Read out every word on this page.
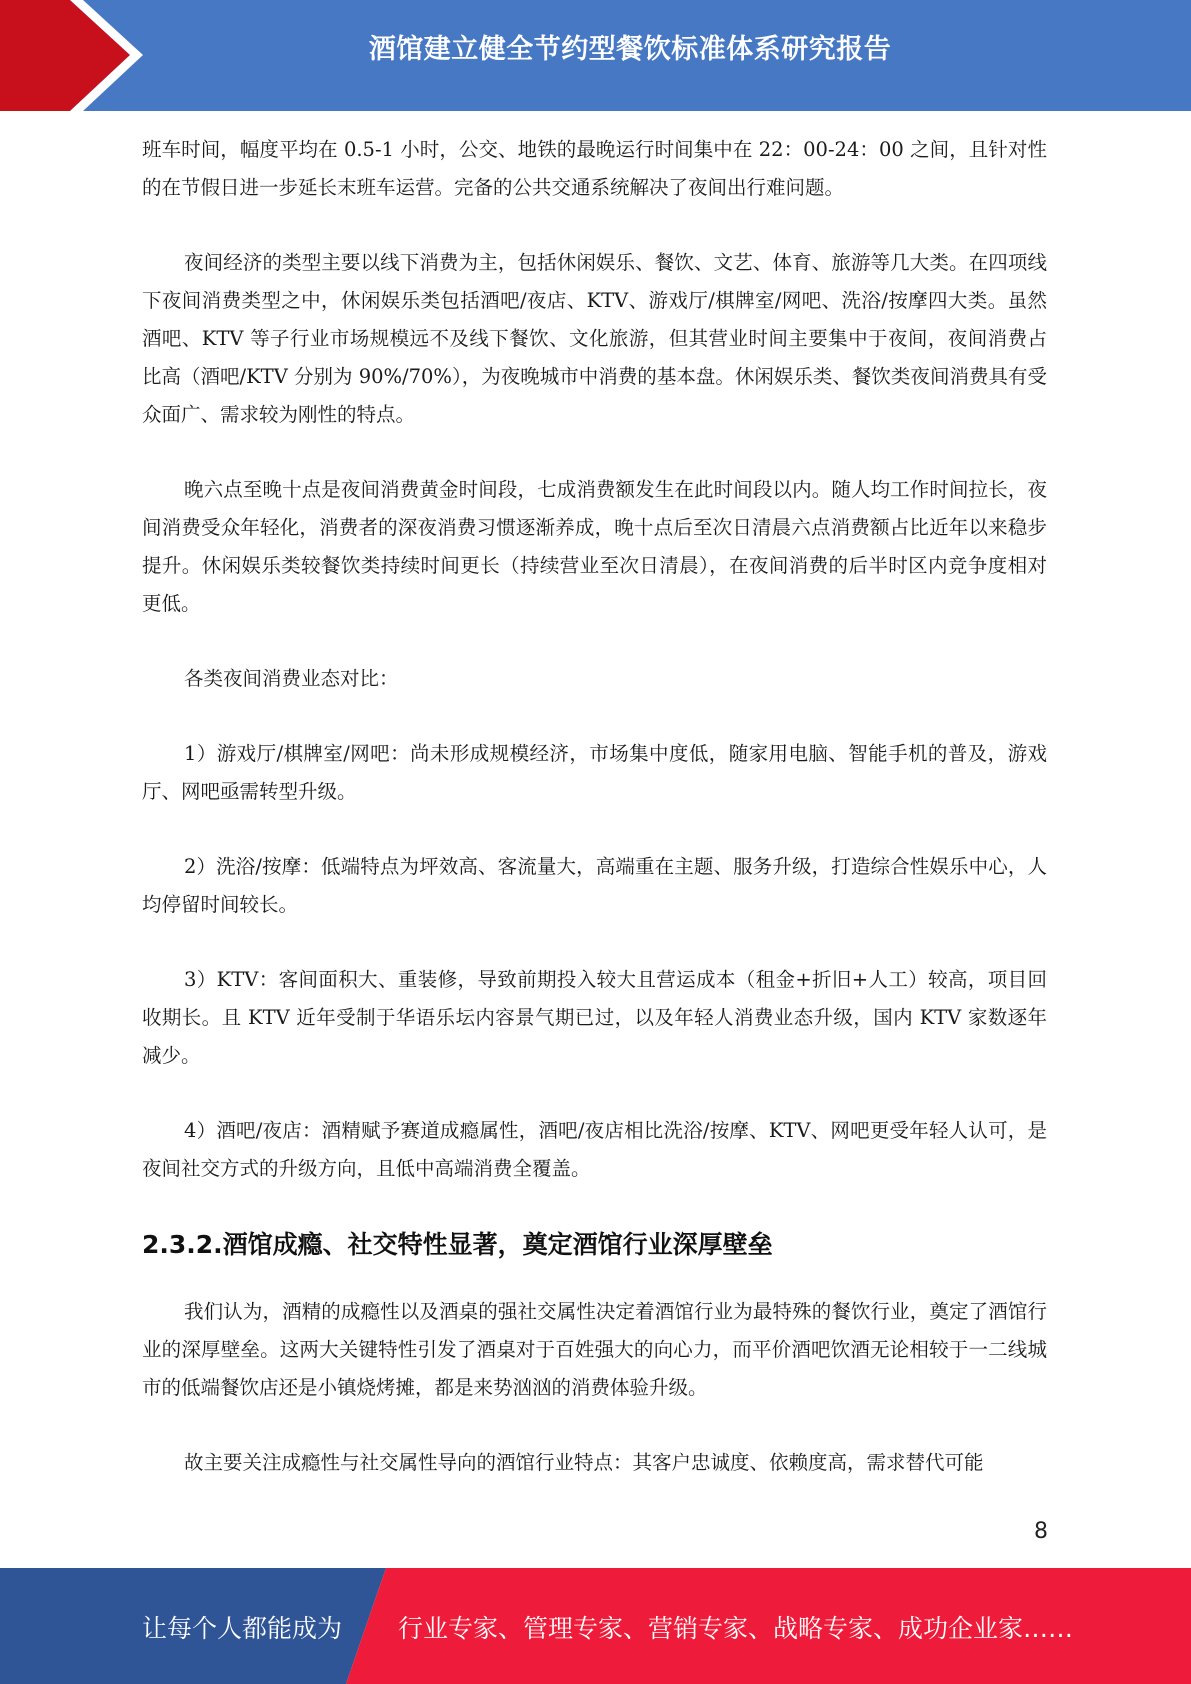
酒馆建立健全节约型餐饮标准体系研究报告

班车时间，幅度平均在 0.5-1 小时，公交、地铁的最晚运行时间集中在 22：00-24：00 之间，且针对性的在节假日进一步延长末班车运营。完备的公共交通系统解决了夜间出行难问题。

夜间经济的类型主要以线下消费为主，包括休闲娱乐、餐饮、文艺、体育、旅游等几大类。在四项线下夜间消费类型之中，休闲娱乐类包括酒吧/夜店、KTV、游戏厅/棋牌室/网吧、洗浴/按摩四大类。虽然酒吧、KTV 等子行业市场规模远不及线下餐饮、文化旅游，但其营业时间主要集中于夜间，夜间消费占比高（酒吧/KTV 分别为 90%/70%），为夜晚城市中消费的基本盘。休闲娱乐类、餐饮类夜间消费具有受众面广、需求较为刚性的特点。

晚六点至晚十点是夜间消费黄金时间段，七成消费额发生在此时间段以内。随人均工作时间拉长，夜间消费受众年轻化，消费者的深夜消费习惯逐渐养成，晚十点后至次日清晨六点消费额占比近年以来稳步提升。休闲娱乐类较餐饮类持续时间更长（持续营业至次日清晨），在夜间消费的后半时区内竞争度相对更低。

各类夜间消费业态对比：

1）游戏厅/棋牌室/网吧：尚未形成规模经济，市场集中度低，随家用电脑、智能手机的普及，游戏厅、网吧亟需转型升级。

2）洗浴/按摩：低端特点为坪效高、客流量大，高端重在主题、服务升级，打造综合性娱乐中心，人均停留时间较长。

3）KTV：客间面积大、重装修，导致前期投入较大且营运成本（租金+折旧+人工）较高，项目回收期长。且 KTV 近年受制于华语乐坛内容景气期已过，以及年轻人消费业态升级，国内 KTV 家数逐年减少。

4）酒吧/夜店：酒精赋予赛道成瘾属性，酒吧/夜店相比洗浴/按摩、KTV、网吧更受年轻人认可，是夜间社交方式的升级方向，且低中高端消费全覆盖。

2.3.2.酒馆成瘾、社交特性显著，奠定酒馆行业深厚壁垒

我们认为，酒精的成瘾性以及酒桌的强社交属性决定着酒馆行业为最特殊的餐饮行业，奠定了酒馆行业的深厚壁垒。这两大关键特性引发了酒桌对于百姓强大的向心力，而平价酒吧饮酒无论相较于一二线城市的低端餐饮店还是小镇烧烤摊，都是来势汹汹的消费体验升级。

故主要关注成瘾性与社交属性导向的酒馆行业特点：其客户忠诚度、依赖度高，需求替代可能

8
让每个人都能成为 行业专家、管理专家、营销专家、战略专家、成功企业家……
